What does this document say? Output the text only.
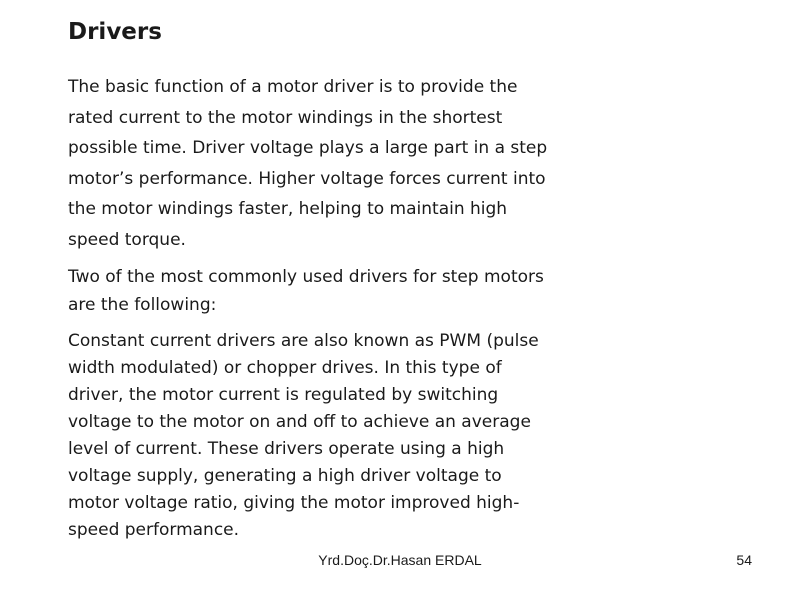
Drivers

The basic function of a motor driver is to provide the
rated current to the motor windings in the shortest
possible time. Driver voltage plays a large part in a step
motor’s performance. Higher voltage forces current into
the motor windings faster, helping to maintain high
speed torque.

Two of the most commonly used drivers for step motors
are the following:

Constant current drivers are also known as PWM (pulse
width modulated) or chopper drives. In this type of
driver, the motor current is regulated by switching
voltage to the motor on and off to achieve an average
level of current. These drivers operate using a high
voltage supply, generating a high driver voltage to
motor voltage ratio, giving the motor improved high-
speed performance.

Yrd.Doç.Dr.Hasan ERDAL	54
